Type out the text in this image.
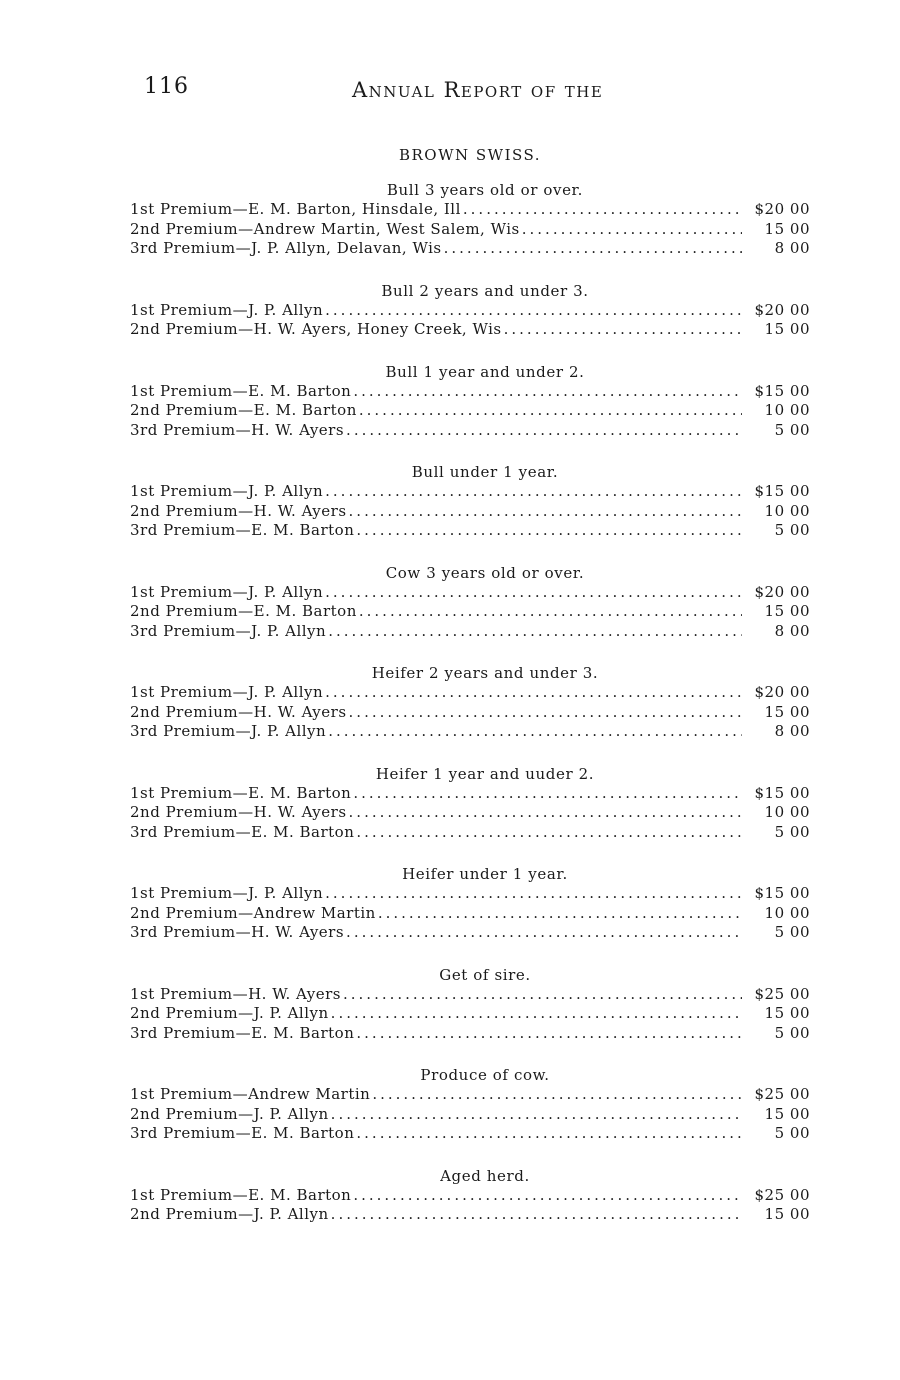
116	Annual Report of the
BROWN SWISS.
Bull 3 years old or over.
1st Premium — E. M. Barton, Hinsdale, Ill .....	$20 00
2nd Premium — Andrew Martin, West Salem, Wis .....	15 00
3rd Premium — J. P. Allyn, Delavan, Wis .....	8 00
Bull 2 years and under 3.
1st Premium — J. P. Allyn .....	$20 00
2nd Premium — H. W. Ayers, Honey Creek, Wis .....	15 00
Bull 1 year and under 2.
1st Premium — E. M. Barton .....	$15 00
2nd Premium — E. M. Barton .....	10 00
3rd Premium — H. W. Ayers .....	5 00
Bull under 1 year.
1st Premium — J. P. Allyn .....	$15 00
2nd Premium — H. W. Ayers .....	10 00
3rd Premium — E. M. Barton .....	5 00
Cow 3 years old or over.
1st Premium — J. P. Allyn .....	$20 00
2nd Premium — E. M. Barton .....	15 00
3rd Premium — J. P. Allyn .....	8 00
Heifer 2 years and under 3.
1st Premium — J. P. Allyn .....	$20 00
2nd Premium — H. W. Ayers .....	15 00
3rd Premium — J. P. Allyn .....	8 00
Heifer 1 year and uuder 2.
1st Premium — E. M. Barton .....	$15 00
2nd Premium — H. W. Ayers .....	10 00
3rd Premium — E. M. Barton .....	5 00
Heifer under 1 year.
1st Premium — J. P. Allyn .....	$15 00
2nd Premium — Andrew Martin .....	10 00
3rd Premium — H. W. Ayers .....	5 00
Get of sire.
1st Premium — H. W. Ayers .....	$25 00
2nd Premium — J. P. Allyn .....	15 00
3rd Premium — E. M. Barton .....	5 00
Produce of cow.
1st Premium — Andrew Martin .....	$25 00
2nd Premium — J. P. Allyn .....	15 00
3rd Premium — E. M. Barton .....	5 00
Aged herd.
1st Premium — E. M. Barton .....	$25 00
2nd Premium — J. P. Allyn .....	15 00
